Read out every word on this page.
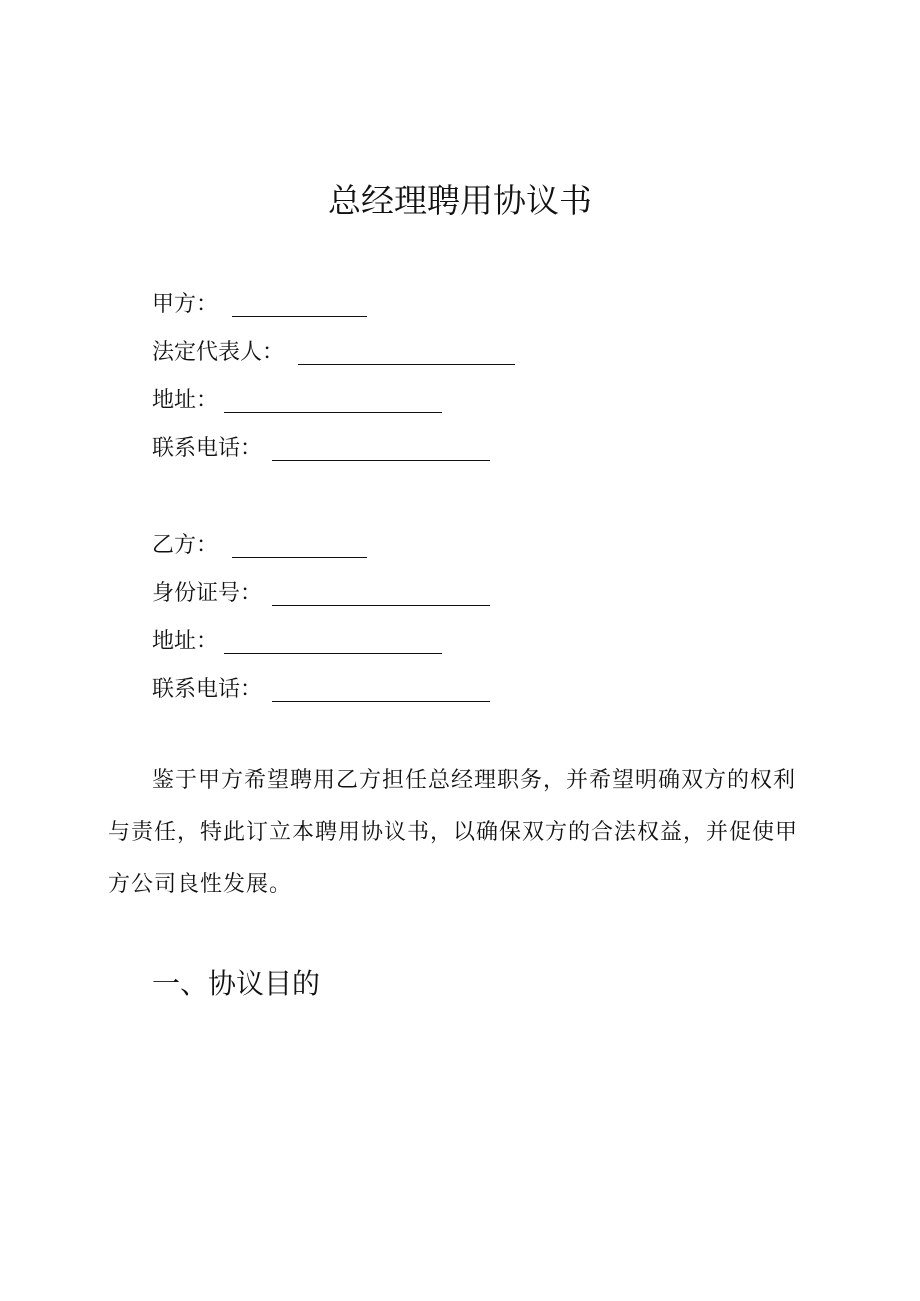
总经理聘用协议书
甲方：
法定代表人：
地址：
联系电话：
乙方：
身份证号：
地址：
联系电话：
鉴于甲方希望聘用乙方担任总经理职务，并希望明确双方的权利与责任，特此订立本聘用协议书，以确保双方的合法权益，并促使甲方公司良性发展。
一、协议目的
